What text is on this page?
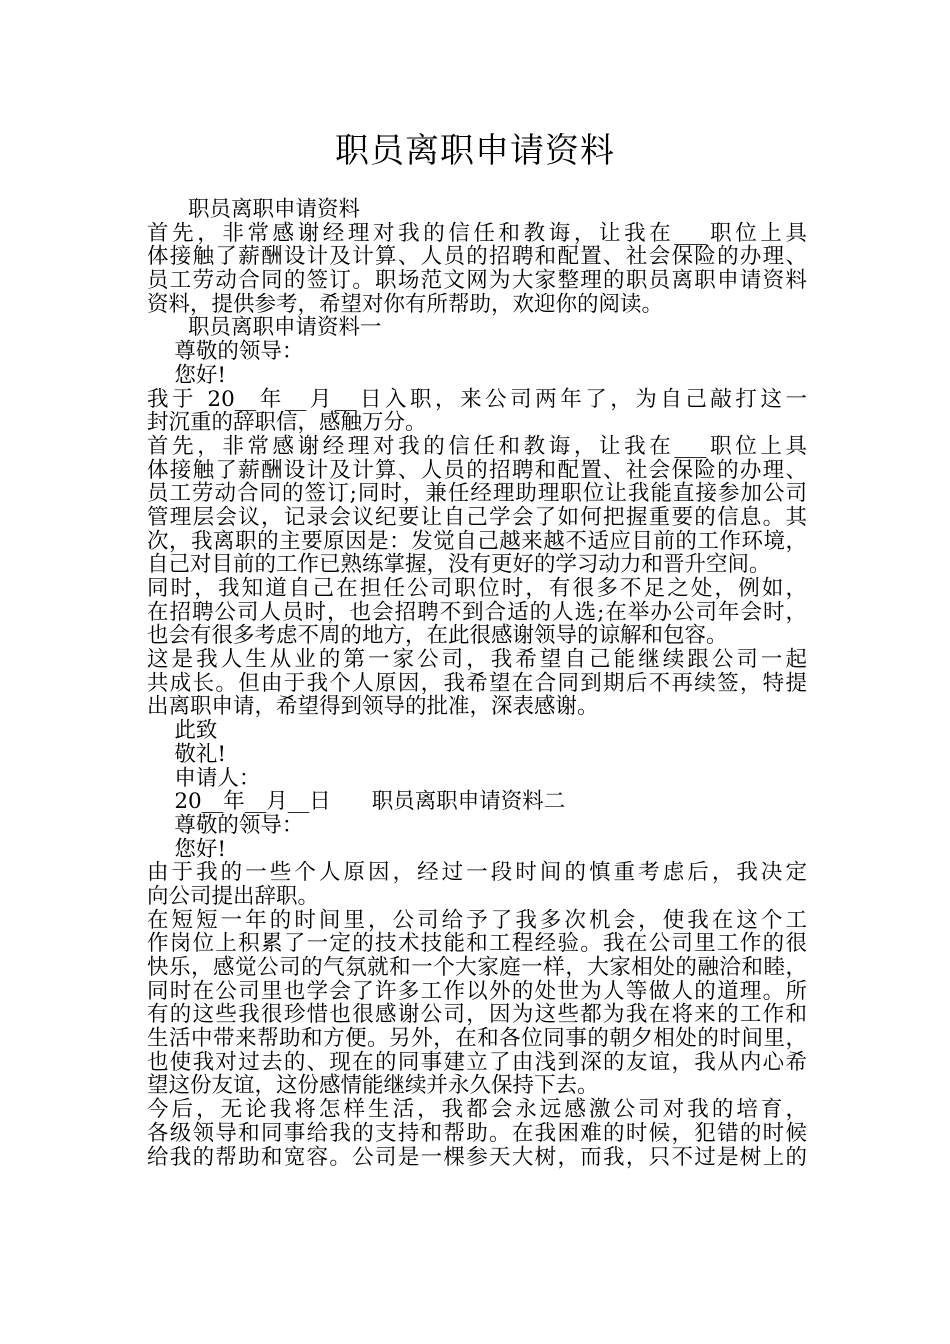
职员离职申请资料
职员离职申请资料
首先，非常感谢经理对我的信任和教诲，让我在___职位上具
体接触了薪酬设计及计算、人员的招聘和配置、社会保险的办理、
员工劳动合同的签订。职场范文网为大家整理的职员离职申请资料
资料，提供参考，希望对你有所帮助，欢迎你的阅读。
职员离职申请资料一
尊敬的领导：
您好!
我于 20__年__月__日入职，来公司两年了，为自己敲打这一
封沉重的辞职信，感触万分。
首先，非常感谢经理对我的信任和教诲，让我在___职位上具
体接触了薪酬设计及计算、人员的招聘和配置、社会保险的办理、
员工劳动合同的签订;同时，兼任经理助理职位让我能直接参加公司
管理层会议，记录会议纪要让自己学会了如何把握重要的信息。其
次，我离职的主要原因是：发觉自己越来越不适应目前的工作环境，
自己对目前的工作已熟练掌握，没有更好的学习动力和晋升空间。
同时，我知道自己在担任公司职位时，有很多不足之处，例如，
在招聘公司人员时，也会招聘不到合适的人选;在举办公司年会时，
也会有很多考虑不周的地方，在此很感谢领导的谅解和包容。
这是我人生从业的第一家公司，我希望自己能继续跟公司一起
共成长。但由于我个人原因，我希望在合同到期后不再续签，特提
出离职申请，希望得到领导的批准，深表感谢。
此致
敬礼!
申请人：
20__年__月__日      职员离职申请资料二
尊敬的领导：
您好!
由于我的一些个人原因，经过一段时间的慎重考虑后，我决定
向公司提出辞职。
在短短一年的时间里，公司给予了我多次机会，使我在这个工
作岗位上积累了一定的技术技能和工程经验。我在公司里工作的很
快乐，感觉公司的气氛就和一个大家庭一样，大家相处的融洽和睦，
同时在公司里也学会了许多工作以外的处世为人等做人的道理。所
有的这些我很珍惜也很感谢公司，因为这些都为我在将来的工作和
生活中带来帮助和方便。另外，在和各位同事的朝夕相处的时间里，
也使我对过去的、现在的同事建立了由浅到深的友谊，我从内心希
望这份友谊，这份感情能继续并永久保持下去。
今后，无论我将怎样生活，我都会永远感激公司对我的培育，
各级领导和同事给我的支持和帮助。在我困难的时候，犯错的时候
给我的帮助和宽容。公司是一棵参天大树，而我，只不过是树上的
